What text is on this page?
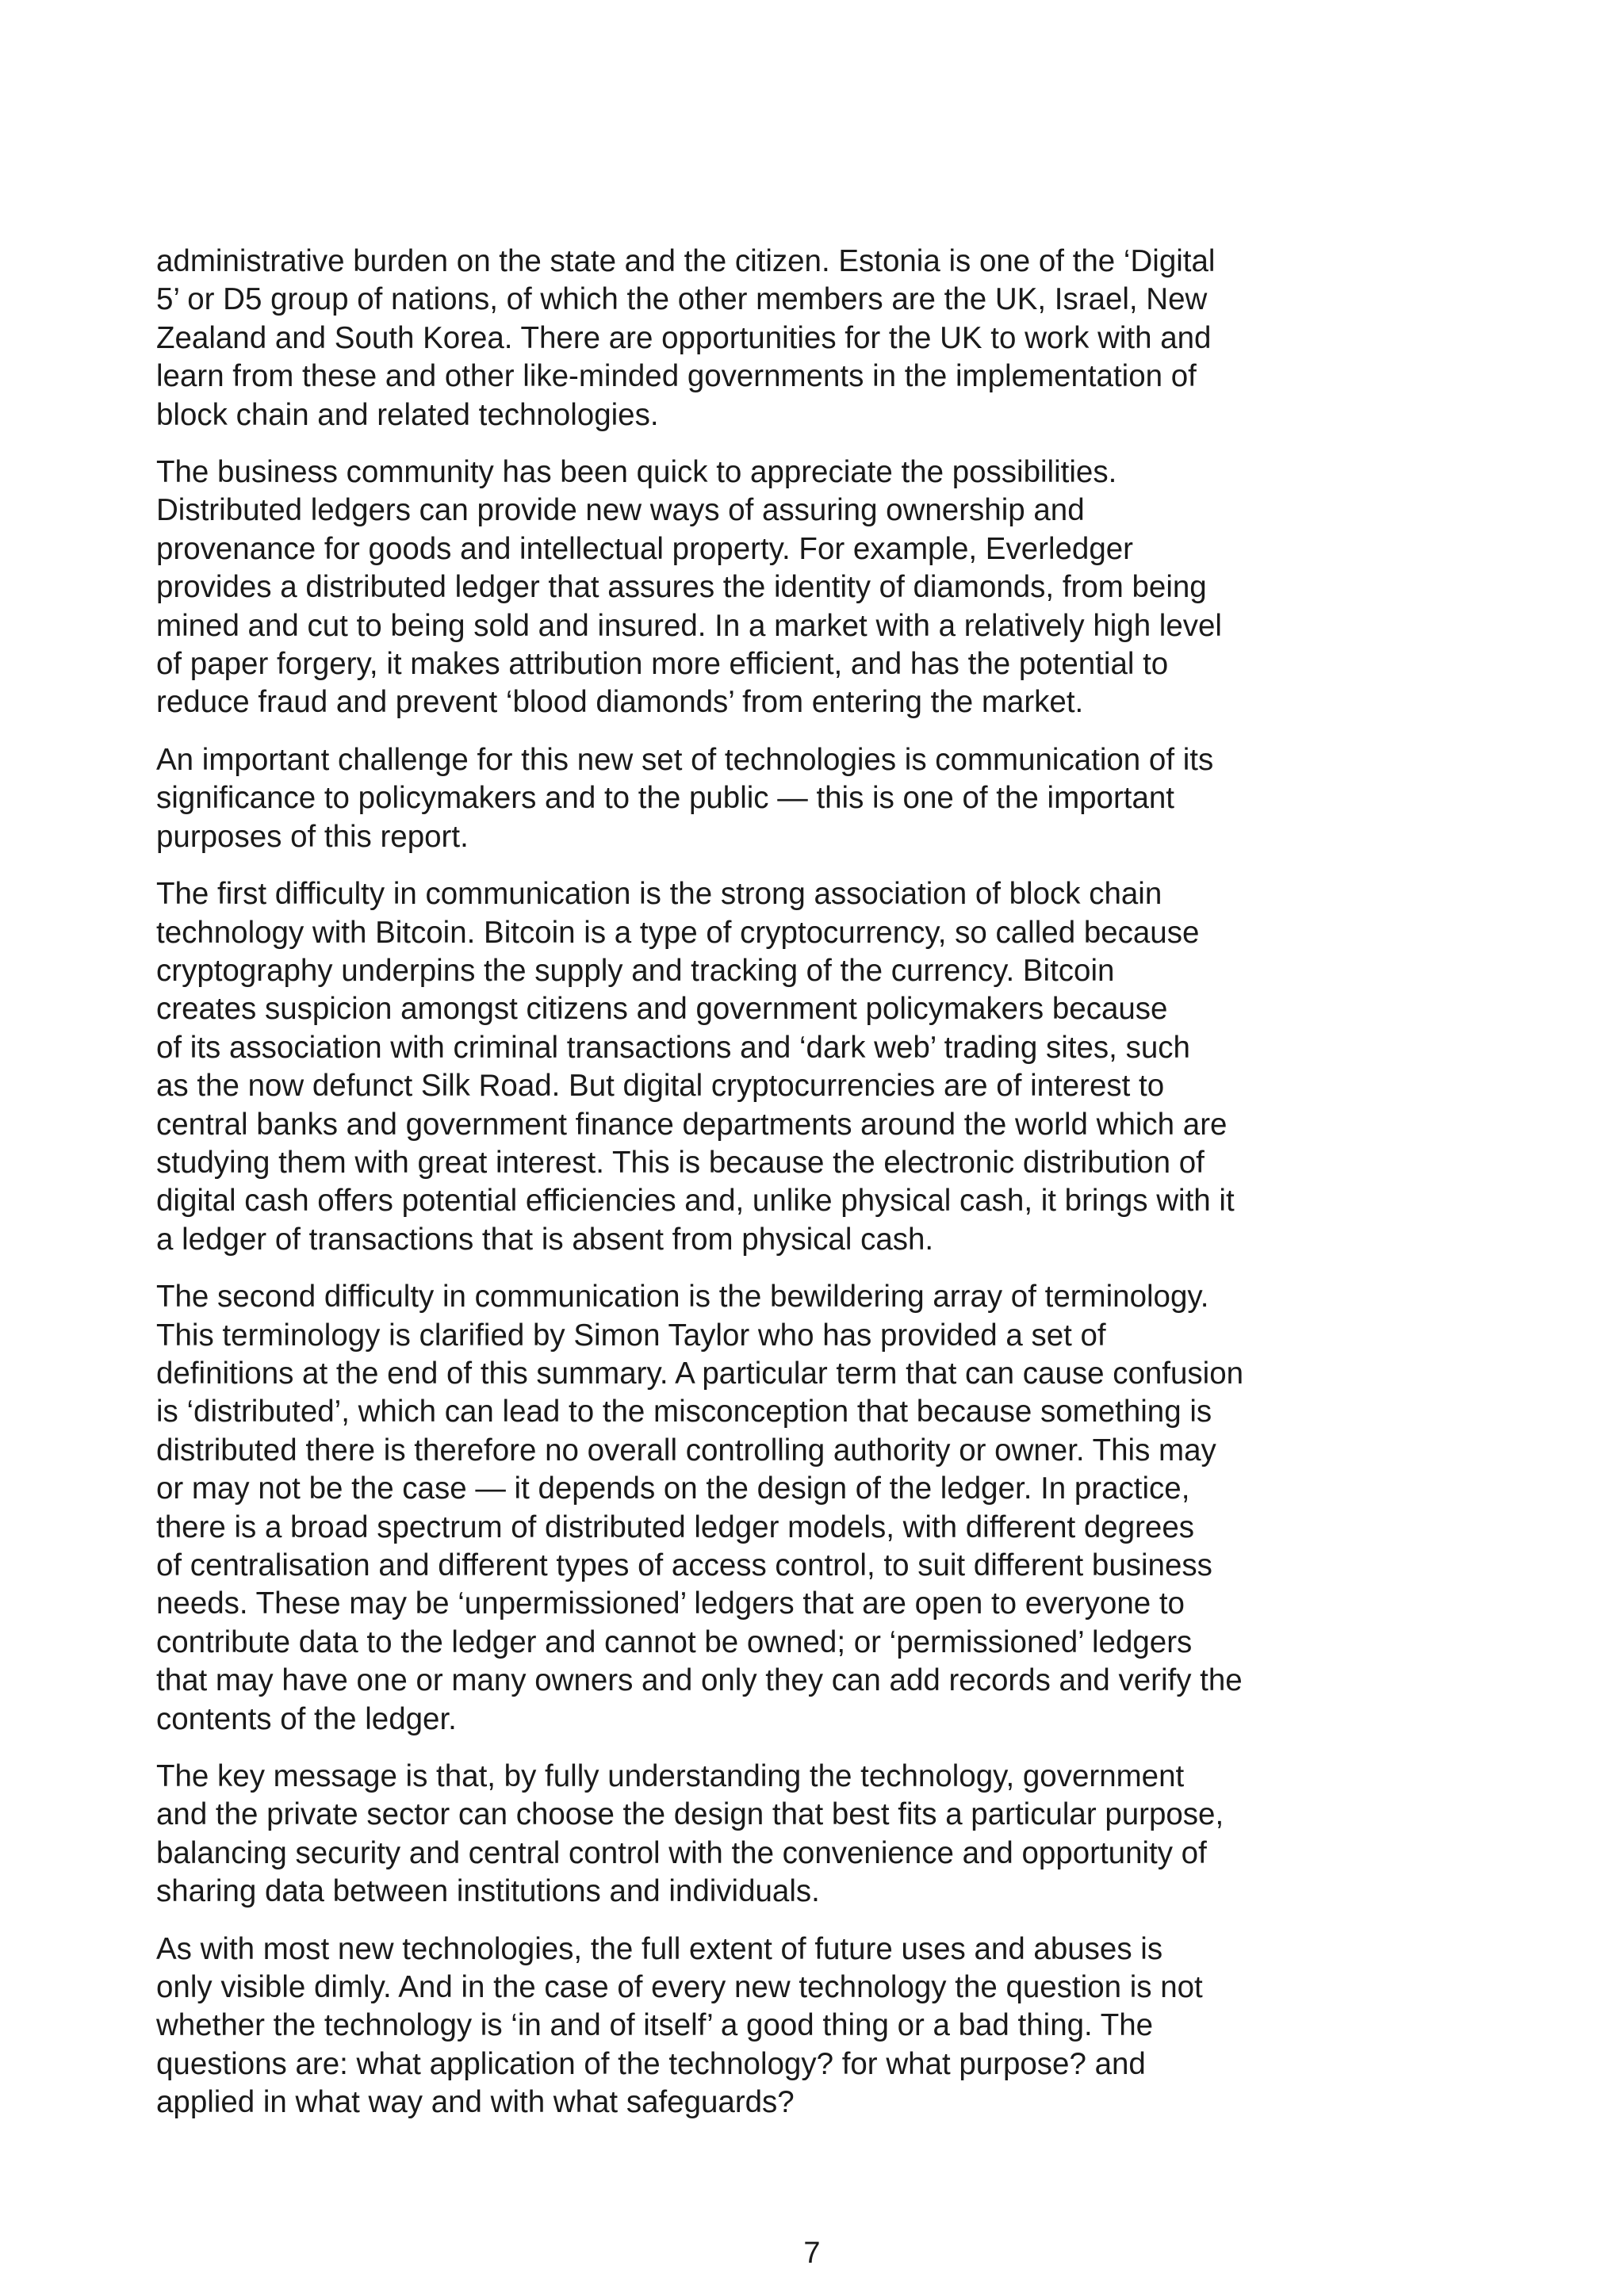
administrative burden on the state and the citizen. Estonia is one of the ‘Digital
5’ or D5 group of nations, of which the other members are the UK, Israel, New
Zealand and South Korea. There are opportunities for the UK to work with and
learn from these and other like-minded governments in the implementation of
block chain and related technologies.

The business community has been quick to appreciate the possibilities.
Distributed ledgers can provide new ways of assuring ownership and
provenance for goods and intellectual property. For example, Everledger
provides a distributed ledger that assures the identity of diamonds, from being
mined and cut to being sold and insured. In a market with a relatively high level
of paper forgery, it makes attribution more efficient, and has the potential to
reduce fraud and prevent ‘blood diamonds’ from entering the market.

An important challenge for this new set of technologies is communication of its
significance to policymakers and to the public — this is one of the important
purposes of this report.

The first difficulty in communication is the strong association of block chain
technology with Bitcoin. Bitcoin is a type of cryptocurrency, so called because
cryptography underpins the supply and tracking of the currency. Bitcoin
creates suspicion amongst citizens and government policymakers because
of its association with criminal transactions and ‘dark web’ trading sites, such
as the now defunct Silk Road. But digital cryptocurrencies are of interest to
central banks and government finance departments around the world which are
studying them with great interest. This is because the electronic distribution of
digital cash offers potential efficiencies and, unlike physical cash, it brings with it
a ledger of transactions that is absent from physical cash.

The second difficulty in communication is the bewildering array of terminology.
This terminology is clarified by Simon Taylor who has provided a set of
definitions at the end of this summary. A particular term that can cause confusion
is ‘distributed’, which can lead to the misconception that because something is
distributed there is therefore no overall controlling authority or owner. This may
or may not be the case — it depends on the design of the ledger. In practice,
there is a broad spectrum of distributed ledger models, with different degrees
of centralisation and different types of access control, to suit different business
needs. These may be ‘unpermissioned’ ledgers that are open to everyone to
contribute data to the ledger and cannot be owned; or ‘permissioned’ ledgers
that may have one or many owners and only they can add records and verify the
contents of the ledger.

The key message is that, by fully understanding the technology, government
and the private sector can choose the design that best fits a particular purpose,
balancing security and central control with the convenience and opportunity of
sharing data between institutions and individuals.

As with most new technologies, the full extent of future uses and abuses is
only visible dimly. And in the case of every new technology the question is not
whether the technology is ‘in and of itself’ a good thing or a bad thing. The
questions are: what application of the technology? for what purpose? and
applied in what way and with what safeguards?

7
